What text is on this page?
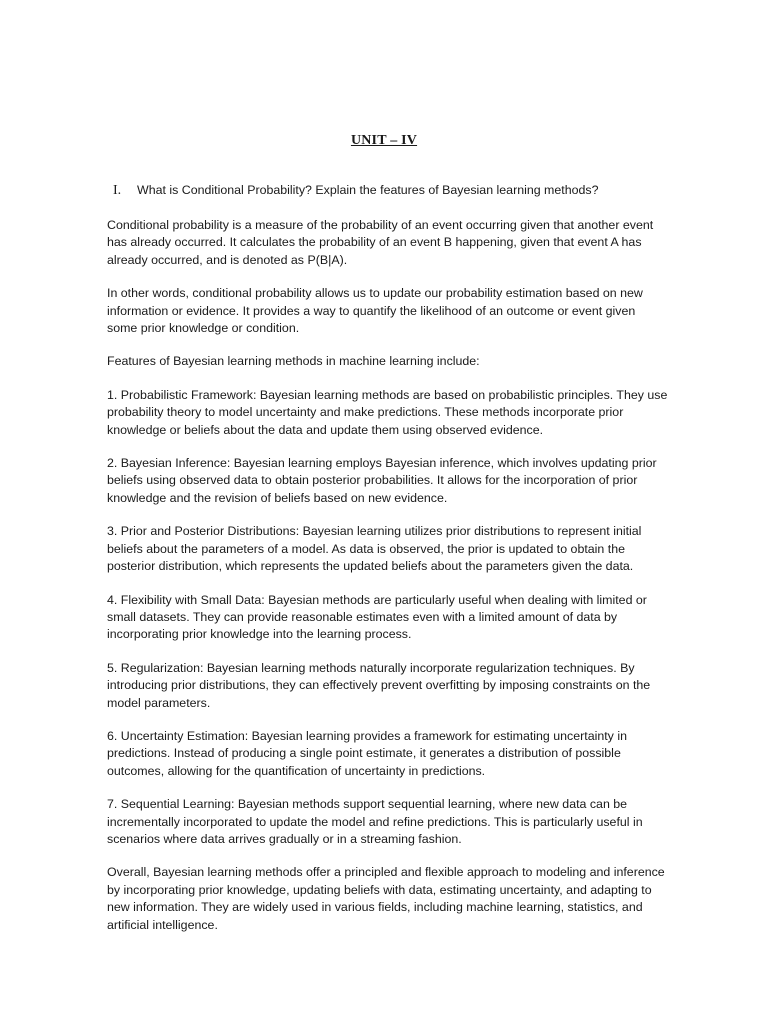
UNIT – IV
I.	What is Conditional Probability? Explain the features of Bayesian learning methods?

Conditional probability is a measure of the probability of an event occurring given that another event
has already occurred. It calculates the probability of an event B happening, given that event A has
already occurred, and is denoted as P(B|A).

In other words, conditional probability allows us to update our probability estimation based on new
information or evidence. It provides a way to quantify the likelihood of an outcome or event given
some prior knowledge or condition.

Features of Bayesian learning methods in machine learning include:

1. Probabilistic Framework: Bayesian learning methods are based on probabilistic principles. They use
probability theory to model uncertainty and make predictions. These methods incorporate prior
knowledge or beliefs about the data and update them using observed evidence.

2. Bayesian Inference: Bayesian learning employs Bayesian inference, which involves updating prior
beliefs using observed data to obtain posterior probabilities. It allows for the incorporation of prior
knowledge and the revision of beliefs based on new evidence.

3. Prior and Posterior Distributions: Bayesian learning utilizes prior distributions to represent initial
beliefs about the parameters of a model. As data is observed, the prior is updated to obtain the
posterior distribution, which represents the updated beliefs about the parameters given the data.

4. Flexibility with Small Data: Bayesian methods are particularly useful when dealing with limited or
small datasets. They can provide reasonable estimates even with a limited amount of data by
incorporating prior knowledge into the learning process.

5. Regularization: Bayesian learning methods naturally incorporate regularization techniques. By
introducing prior distributions, they can effectively prevent overfitting by imposing constraints on the
model parameters.

6. Uncertainty Estimation: Bayesian learning provides a framework for estimating uncertainty in
predictions. Instead of producing a single point estimate, it generates a distribution of possible
outcomes, allowing for the quantification of uncertainty in predictions.

7. Sequential Learning: Bayesian methods support sequential learning, where new data can be
incrementally incorporated to update the model and refine predictions. This is particularly useful in
scenarios where data arrives gradually or in a streaming fashion.

Overall, Bayesian learning methods offer a principled and flexible approach to modeling and inference
by incorporating prior knowledge, updating beliefs with data, estimating uncertainty, and adapting to
new information. They are widely used in various fields, including machine learning, statistics, and
artificial intelligence.
